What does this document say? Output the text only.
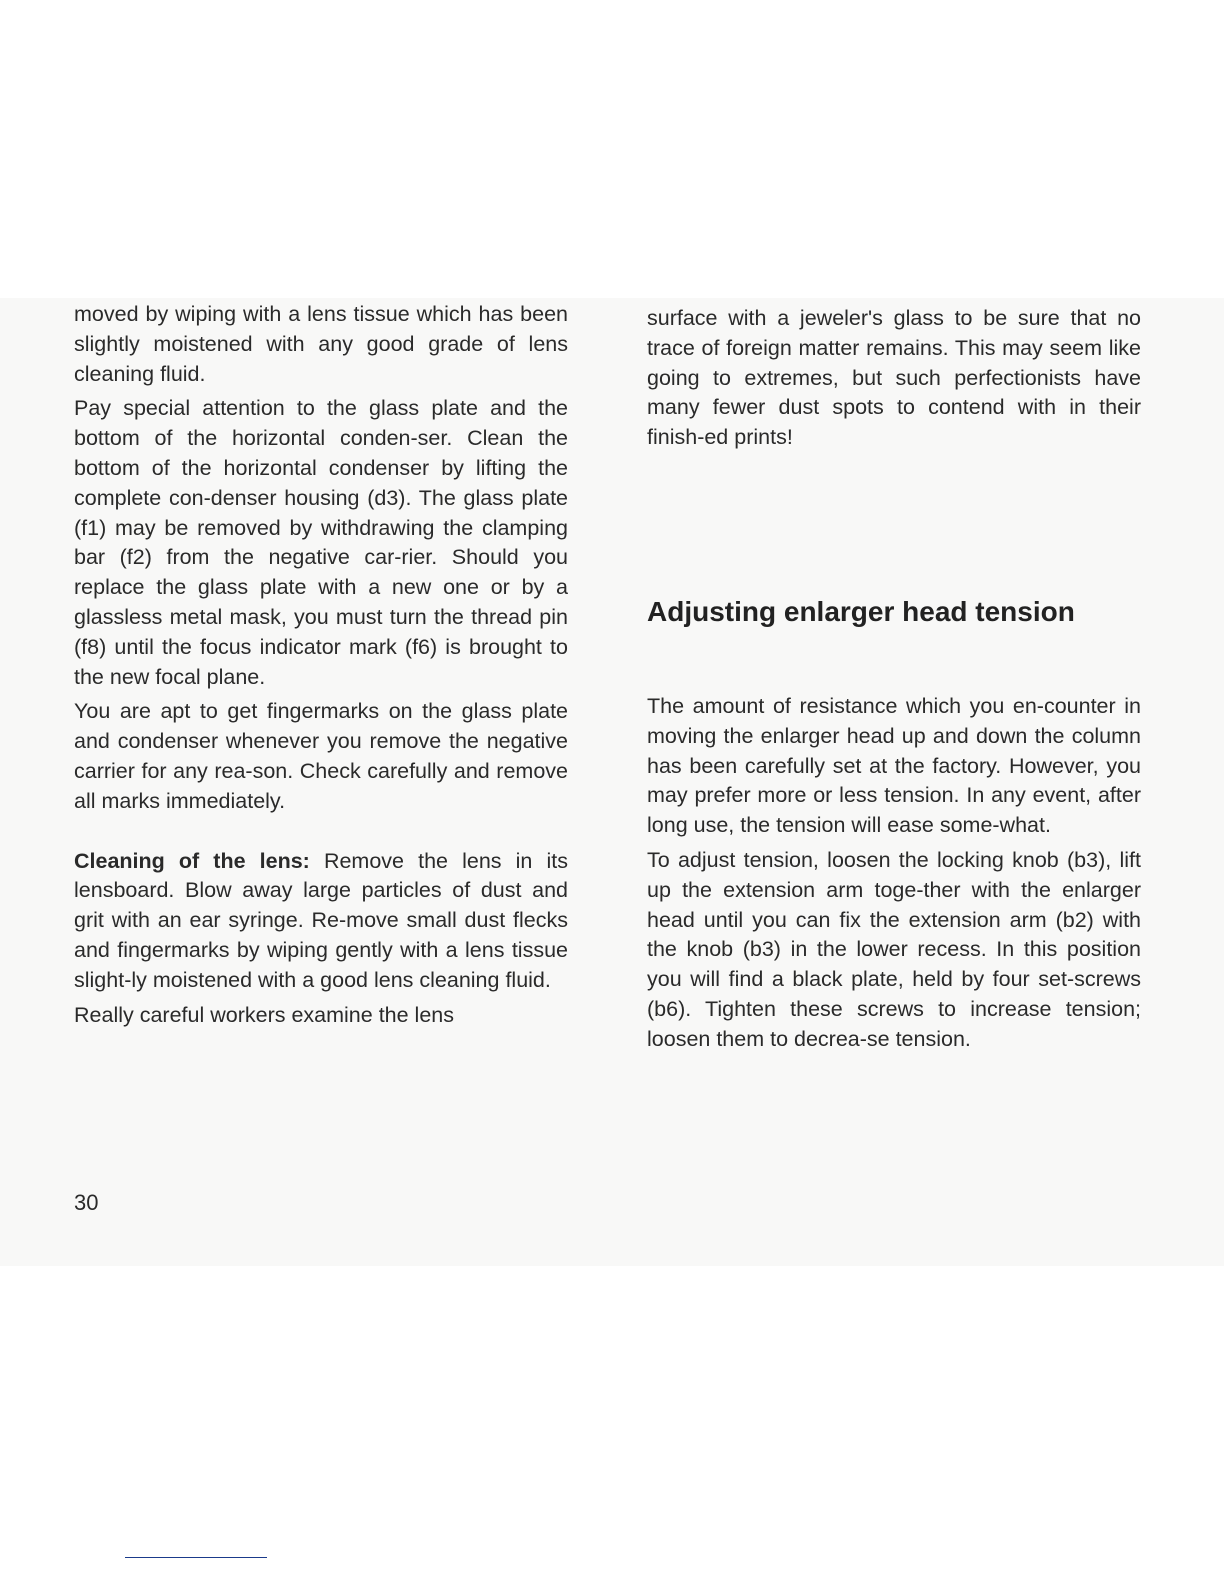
moved by wiping with a lens tissue which has been slightly moistened with any good grade of lens cleaning fluid.

Pay special attention to the glass plate and the bottom of the horizontal conden-ser. Clean the bottom of the horizontal condenser by lifting the complete con-denser housing (d3). The glass plate (f1) may be removed by withdrawing the clamping bar (f2) from the negative car-rier. Should you replace the glass plate with a new one or by a glassless metal mask, you must turn the thread pin (f8) until the focus indicator mark (f6) is brought to the new focal plane.

You are apt to get fingermarks on the glass plate and condenser whenever you remove the negative carrier for any rea-son. Check carefully and remove all marks immediately.

Cleaning of the lens: Remove the lens in its lensboard. Blow away large particles of dust and grit with an ear syringe. Re-move small dust flecks and fingermarks by wiping gently with a lens tissue slight-ly moistened with a good lens cleaning fluid.

Really careful workers examine the lens

surface with a jeweler's glass to be sure that no trace of foreign matter remains. This may seem like going to extremes, but such perfectionists have many fewer dust spots to contend with in their finish-ed prints!

Adjusting enlarger head tension

The amount of resistance which you en-counter in moving the enlarger head up and down the column has been carefully set at the factory. However, you may prefer more or less tension. In any event, after long use, the tension will ease some-what.

To adjust tension, loosen the locking knob (b3), lift up the extension arm toge-ther with the enlarger head until you can fix the extension arm (b2) with the knob (b3) in the lower recess. In this position you will find a black plate, held by four set-screws (b6). Tighten these screws to increase tension; loosen them to decrea-se tension.

30
